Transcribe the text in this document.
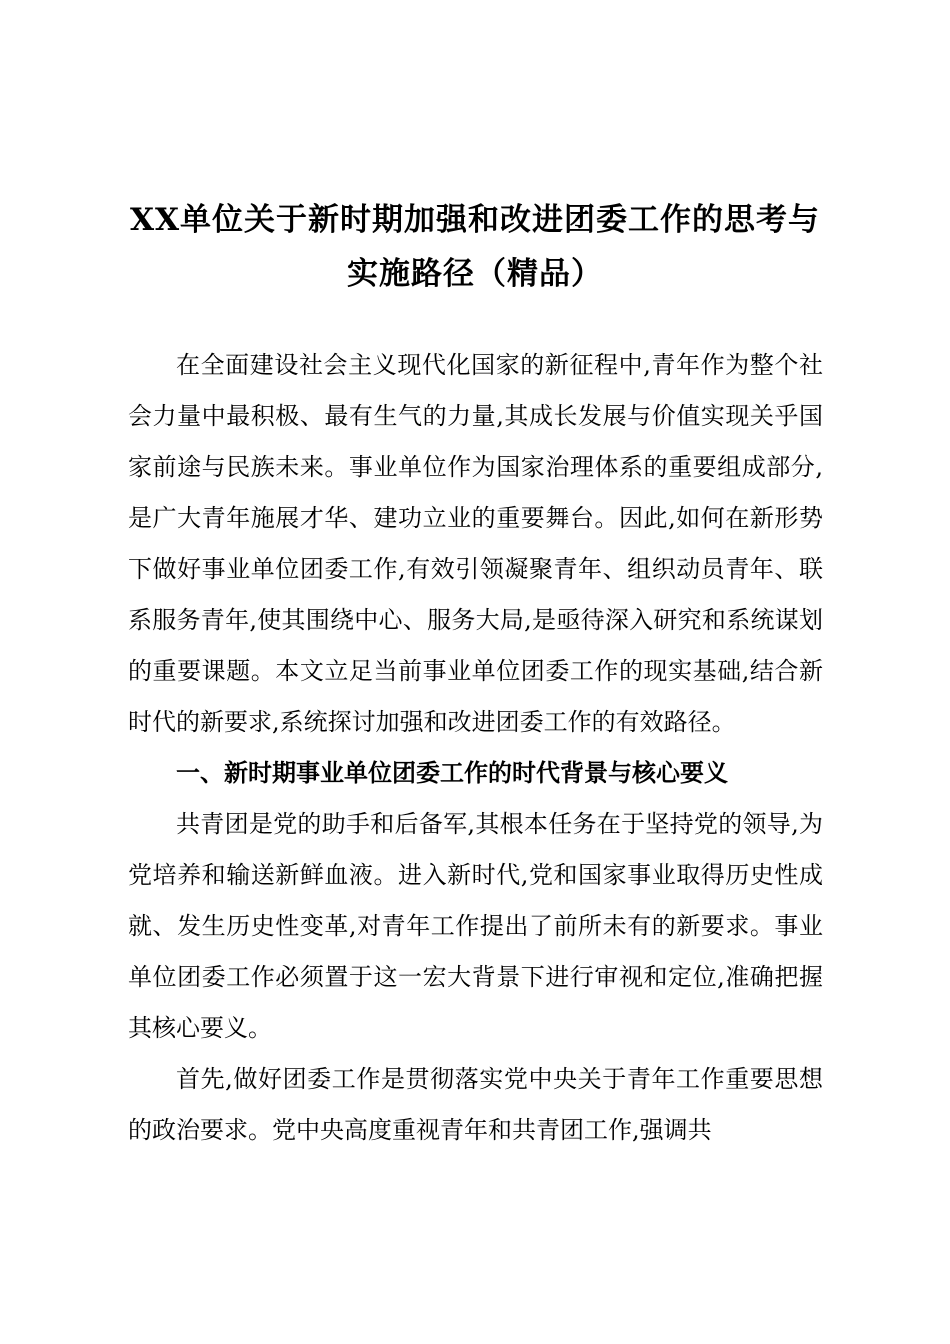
XX单位关于新时期加强和改进团委工作的思考与实施路径（精品）

在全面建设社会主义现代化国家的新征程中,青年作为整个社会力量中最积极、最有生气的力量,其成长发展与价值实现关乎国家前途与民族未来。事业单位作为国家治理体系的重要组成部分,是广大青年施展才华、建功立业的重要舞台。因此,如何在新形势下做好事业单位团委工作,有效引领凝聚青年、组织动员青年、联系服务青年,使其围绕中心、服务大局,是亟待深入研究和系统谋划的重要课题。本文立足当前事业单位团委工作的现实基础,结合新时代的新要求,系统探讨加强和改进团委工作的有效路径。

一、新时期事业单位团委工作的时代背景与核心要义

共青团是党的助手和后备军,其根本任务在于坚持党的领导,为党培养和输送新鲜血液。进入新时代,党和国家事业取得历史性成就、发生历史性变革,对青年工作提出了前所未有的新要求。事业单位团委工作必须置于这一宏大背景下进行审视和定位,准确把握其核心要义。

首先,做好团委工作是贯彻落实党中央关于青年工作重要思想的政治要求。党中央高度重视青年和共青团工作,强调共
